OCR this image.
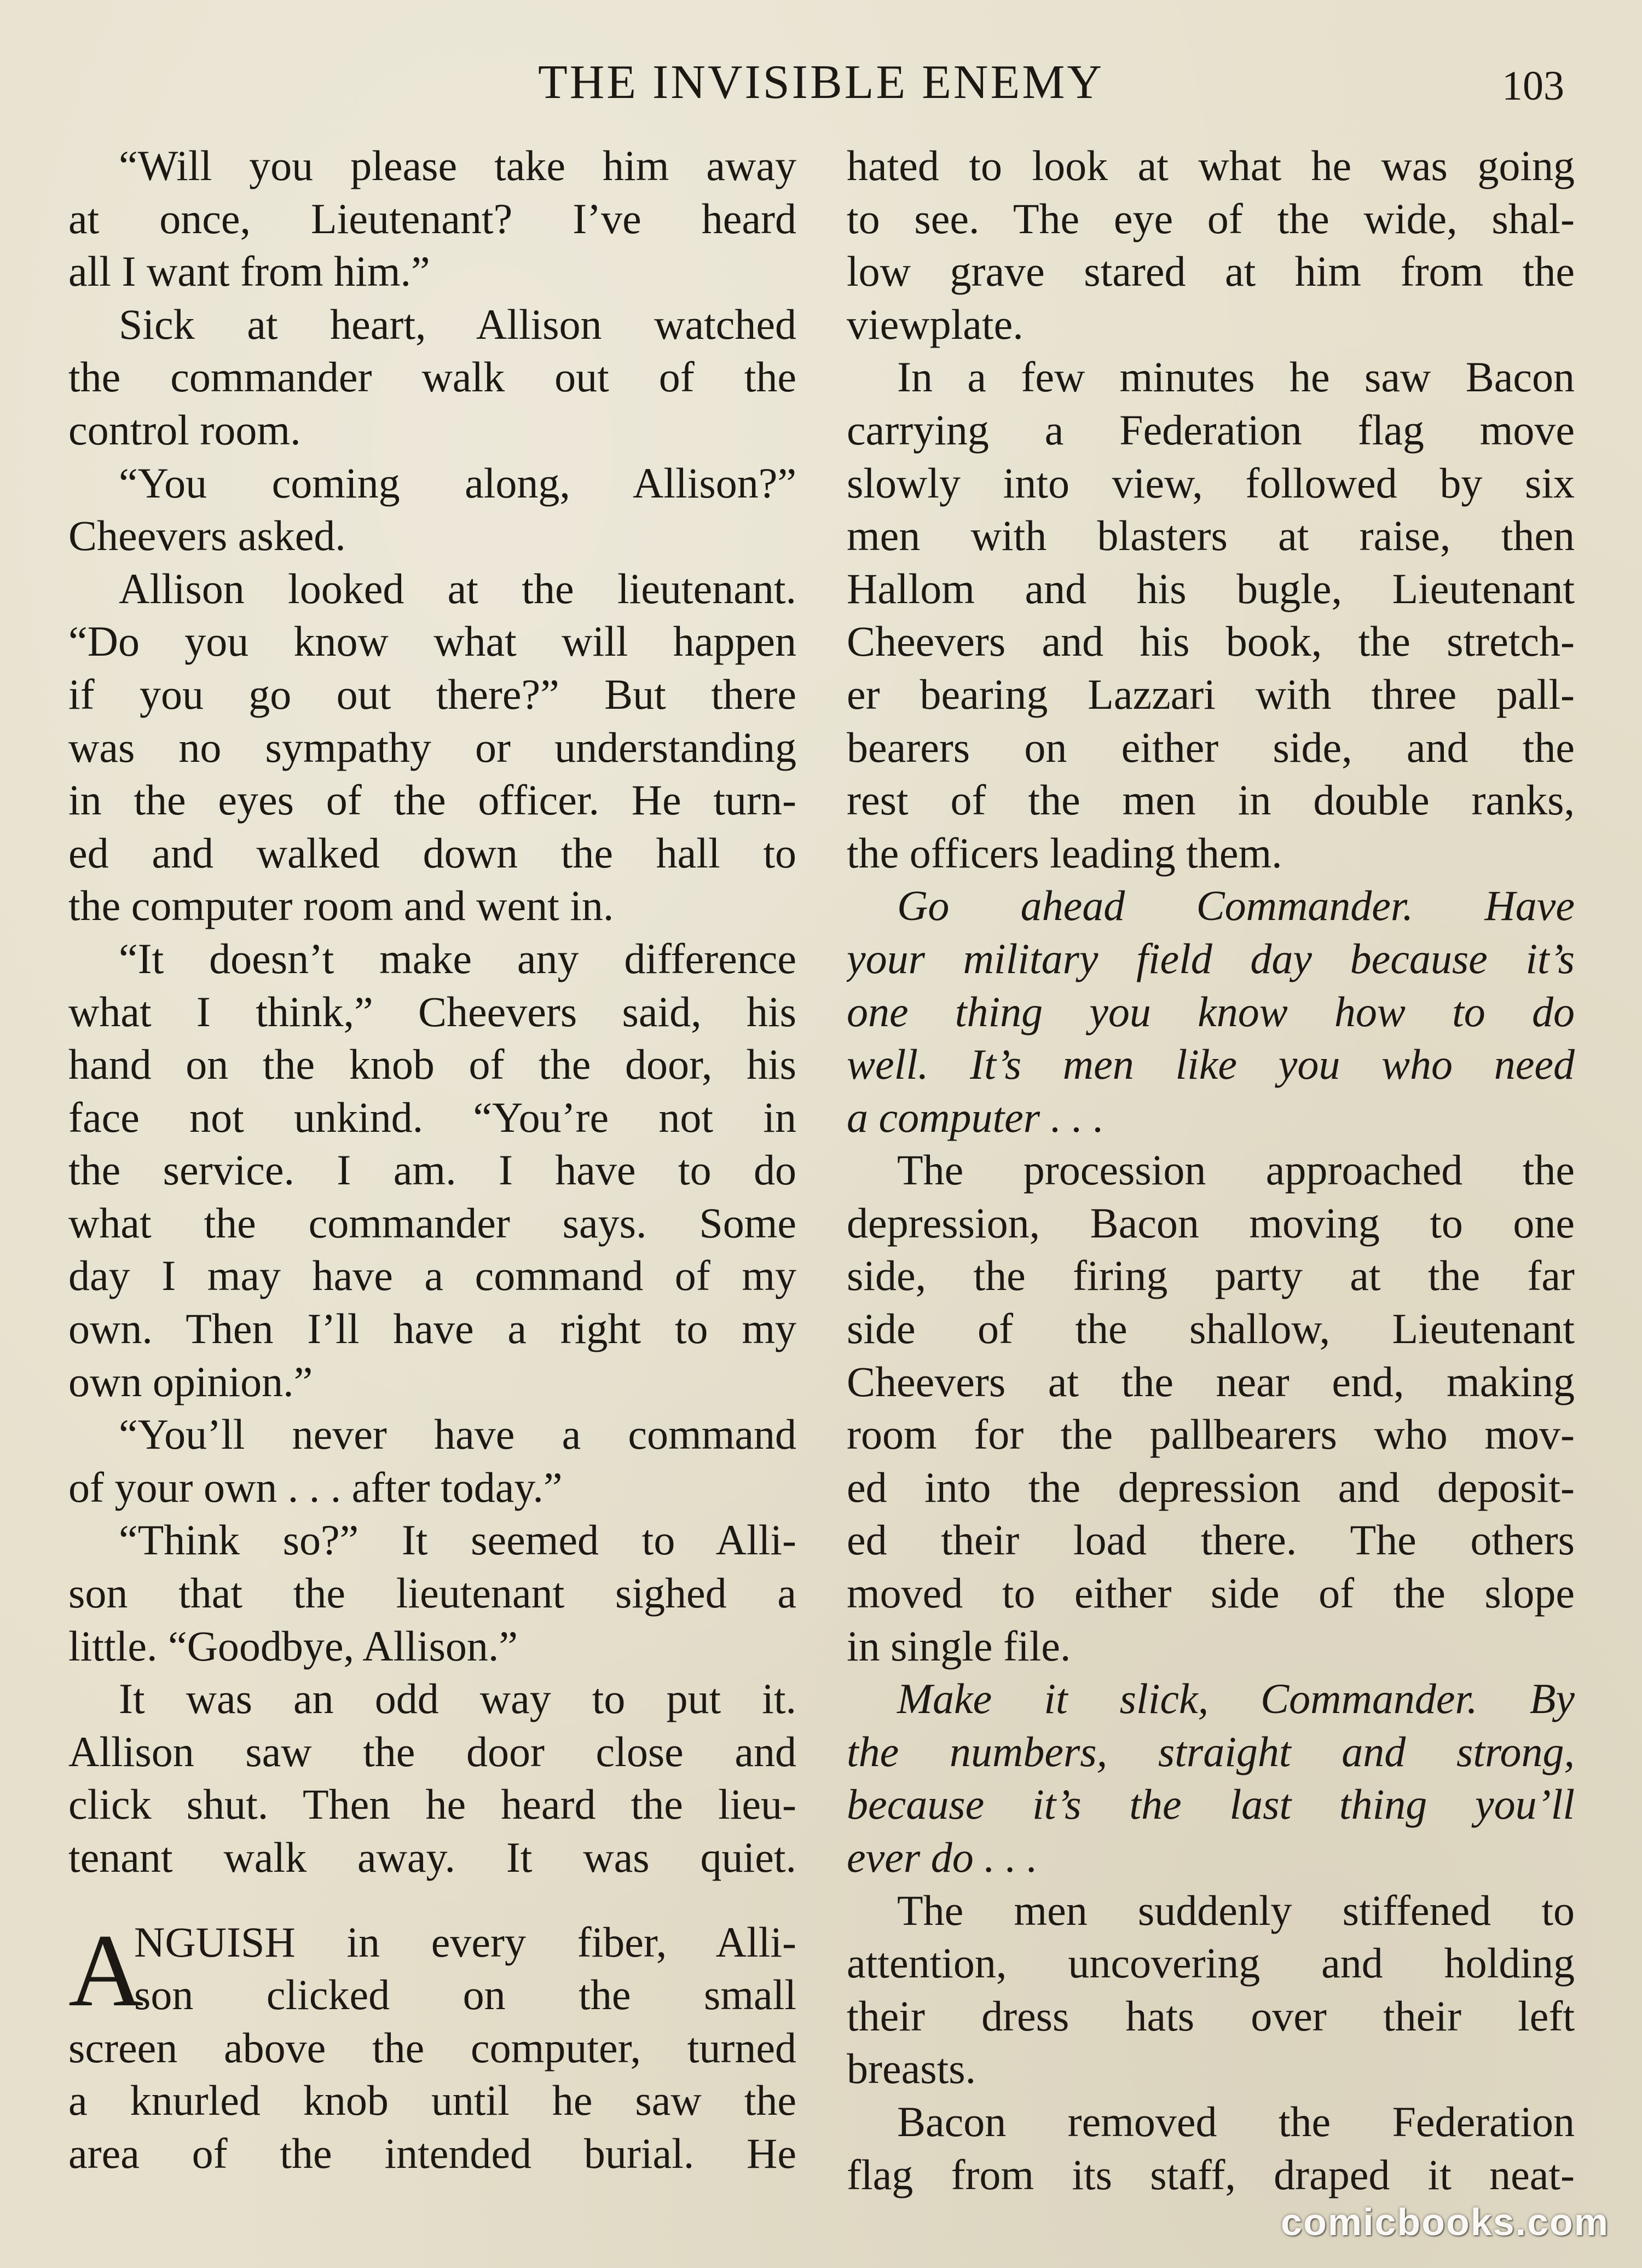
THE INVISIBLE ENEMY	103
“Will you please take him away
at once, Lieutenant? I’ve heard
all I want from him.”
Sick at heart, Allison watched
the commander walk out of the
control room.
“You coming along, Allison?”
Cheevers asked.
Allison looked at the lieutenant.
“Do you know what will happen
if you go out there?” But there
was no sympathy or understanding
in the eyes of the officer. He turn-
ed and walked down the hall to
the computer room and went in.
“It doesn’t make any difference
what I think,” Cheevers said, his
hand on the knob of the door, his
face not unkind. “You’re not in
the service. I am. I have to do
what the commander says. Some
day I may have a command of my
own. Then I’ll have a right to my
own opinion.”
“You’ll never have a command
of your own . . . after today.”
“Think so?” It seemed to Alli-
son that the lieutenant sighed a
little. “Goodbye, Allison.”
It was an odd way to put it.
Allison saw the door close and
click shut. Then he heard the lieu-
tenant walk away. It was quiet.
A
NGUISH in every fiber, Alli-
son clicked on the small
screen above the computer, turned
a knurled knob until he saw the
area of the intended burial. He
hated to look at what he was going
to see. The eye of the wide, shal-
low grave stared at him from the
viewplate.
In a few minutes he saw Bacon
carrying a Federation flag move
slowly into view, followed by six
men with blasters at raise, then
Hallom and his bugle, Lieutenant
Cheevers and his book, the stretch-
er bearing Lazzari with three pall-
bearers on either side, and the
rest of the men in double ranks,
the officers leading them.
Go ahead Commander. Have
your military field day because it’s
one thing you know how to do
well. It’s men like you who need
a computer . . .
The procession approached the
depression, Bacon moving to one
side, the firing party at the far
side of the shallow, Lieutenant
Cheevers at the near end, making
room for the pallbearers who mov-
ed into the depression and deposit-
ed their load there. The others
moved to either side of the slope
in single file.
Make it slick, Commander. By
the numbers, straight and strong,
because it’s the last thing you’ll
ever do . . .
The men suddenly stiffened to
attention, uncovering and holding
their dress hats over their left
breasts.
Bacon removed the Federation
flag from its staff, draped it neat-
comicbooks.com
